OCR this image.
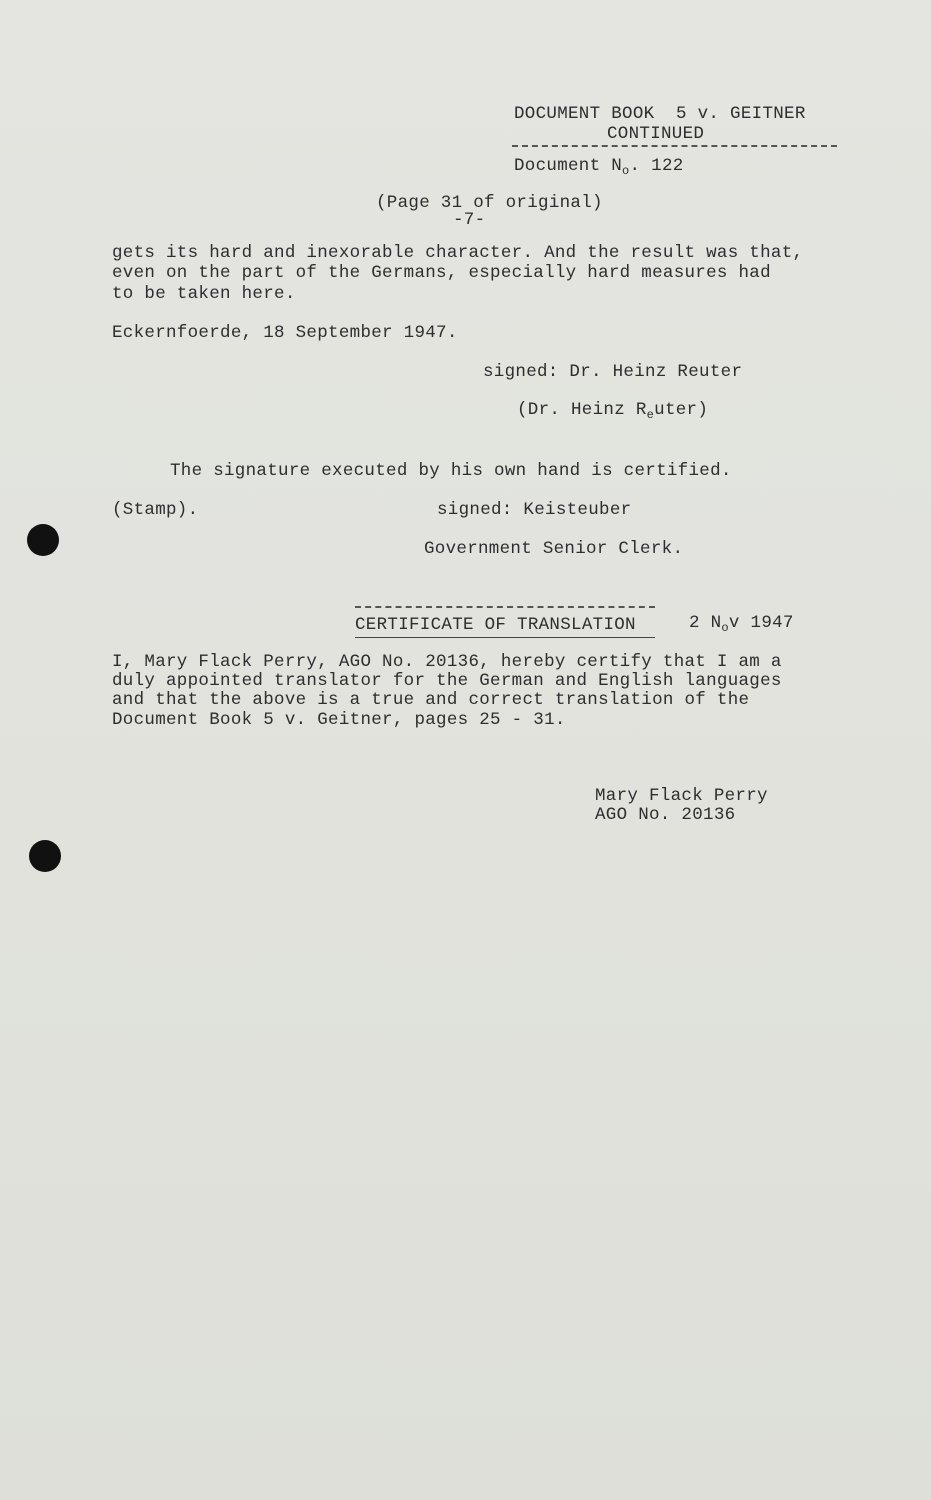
DOCUMENT BOOK  5 v. GEITNER
CONTINUED
Document $N_o$. 122
(Page 31 of original)
-7-
gets its hard and inexorable character. And the result was that,
even on the part of the Germans, especially hard measures had
to be taken here.
Eckernfoerde, 18 September 1947.
signed: Dr. Heinz Reuter
(Dr. Heinz $R_euter$)
The signature executed by his own hand is certified.
(Stamp).	signed: Keisteuber
Government Senior Clerk.
CERTIFICATE OF TRANSLATION	2 $N_ov$ 1947
I, Mary Flack Perry, AGO No. 20136, hereby certify that I am a
duly appointed translator for the German and English languages
and that the above is a true and correct translation of the
Document Book 5 v. Geitner, pages 25 - 31.
Mary Flack Perry
AGO No. 20136
